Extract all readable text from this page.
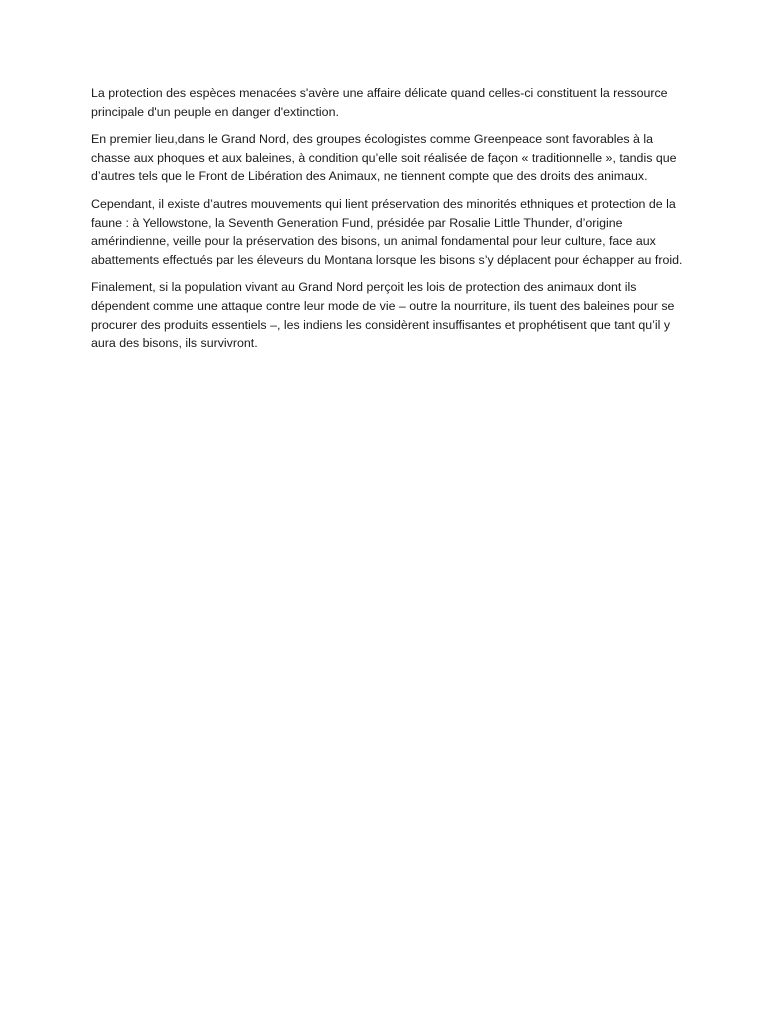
La protection des espèces menacées s'avère une affaire délicate quand celles-ci constituent la ressource principale d'un peuple en danger d'extinction.

En premier lieu,dans le Grand Nord, des groupes écologistes comme Greenpeace sont favorables à la chasse aux phoques et aux baleines, à condition qu’elle soit réalisée de façon « traditionnelle », tandis que d’autres tels que le Front de Libération des Animaux, ne tiennent compte que des droits des animaux.

Cependant, il existe d’autres mouvements qui lient préservation des minorités ethniques et protection de la faune : à Yellowstone, la Seventh Generation Fund, présidée par Rosalie Little Thunder, d’origine amérindienne, veille pour la préservation des bisons, un animal fondamental pour leur culture, face aux abattements effectués par les éleveurs du Montana lorsque les bisons s’y déplacent pour échapper au froid.

Finalement, si la population vivant au Grand Nord perçoit les lois de protection des animaux dont ils dépendent comme une attaque contre leur mode de vie – outre la nourriture, ils tuent des baleines pour se procurer des produits essentiels –, les indiens les considèrent insuffisantes et prophétisent que tant qu’il y aura des bisons, ils survivront.
